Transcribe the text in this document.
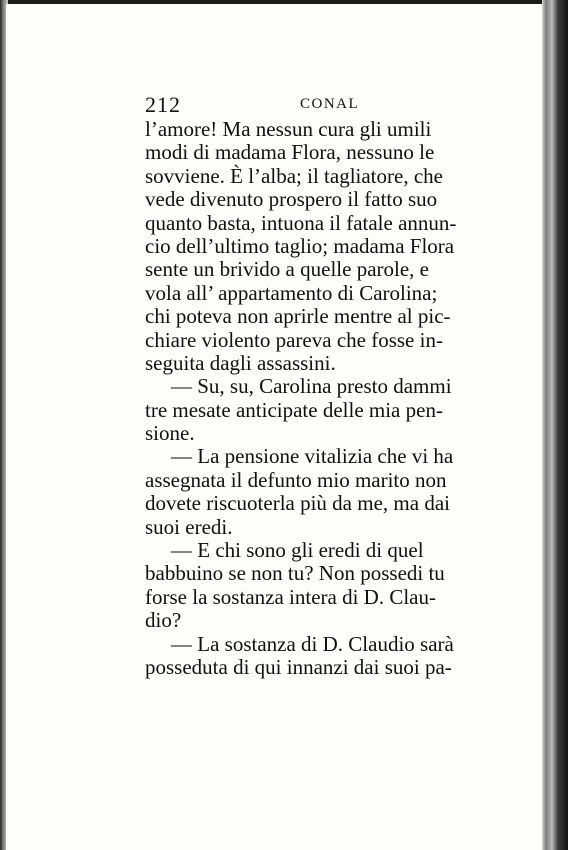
212	CONAL
l’amore! Ma nessun cura gli umili
modi di madama Flora, nessuno le
sovviene. È l’alba; il tagliatore, che
vede divenuto prospero il fatto suo
quanto basta, intuona il fatale annun-
cio dell’ultimo taglio; madama Flora
sente un brivido a quelle parole, e
vola all’ appartamento di Carolina;
chi poteva non aprirle mentre al pic-
chiare violento pareva che fosse in-
seguita dagli assassini.
— Su, su, Carolina presto dammi
tre mesate anticipate delle mia pen-
sione.
— La pensione vitalizia che vi ha
assegnata il defunto mio marito non
dovete riscuoterla più da me, ma dai
suoi eredi.
— E chi sono gli eredi di quel
babbuino se non tu? Non possedi tu
forse la sostanza intera di D. Clau-
dio?
— La sostanza di D. Claudio sarà
posseduta di qui innanzi dai suoi pa-
